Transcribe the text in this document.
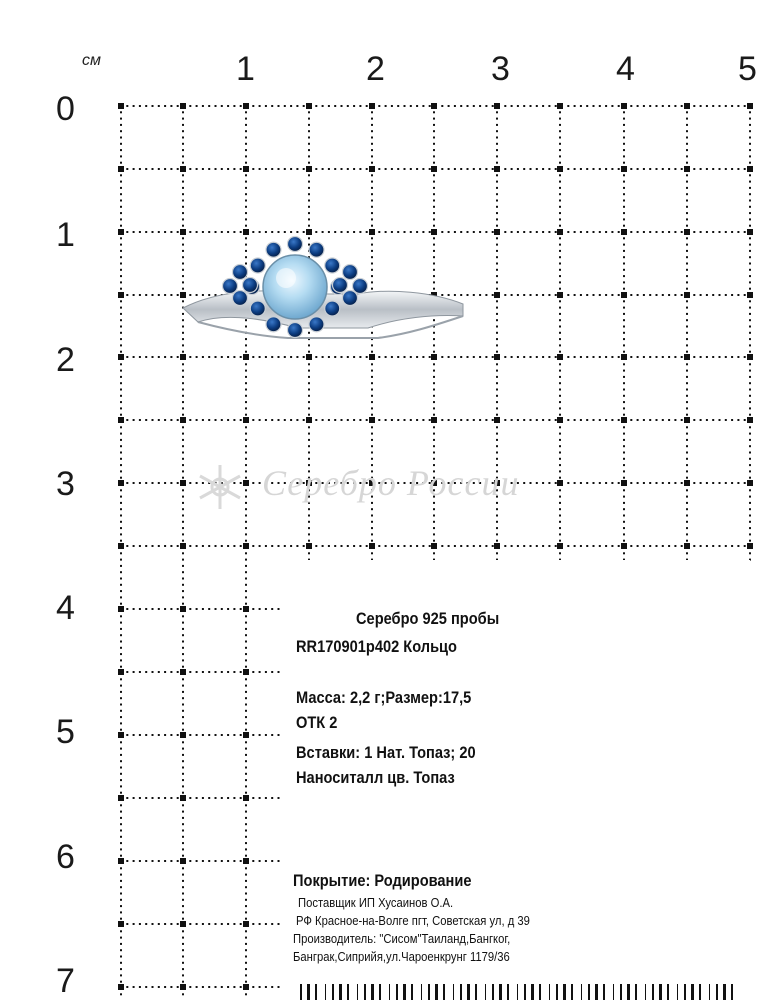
см	1	2	3	4	5
0
1
2
3
4
5
6
7
Серебро России
Серебро 925 пробы
RR170901p402 Кольцо
Масса: 2,2 г;Размер:17,5
ОТК 2
Вставки: 1 Нат. Топаз; 20
Наноситалл цв. Топаз
Покрытие: Родирование
Поставщик ИП Хусаинов О.А.
РФ Красное-на-Волге пгт, Советская ул, д 39
Производитель: "Сисом"Таиланд,Бангког,
Банграк,Сиприйя,ул.Чароенкрунг 1179/36
